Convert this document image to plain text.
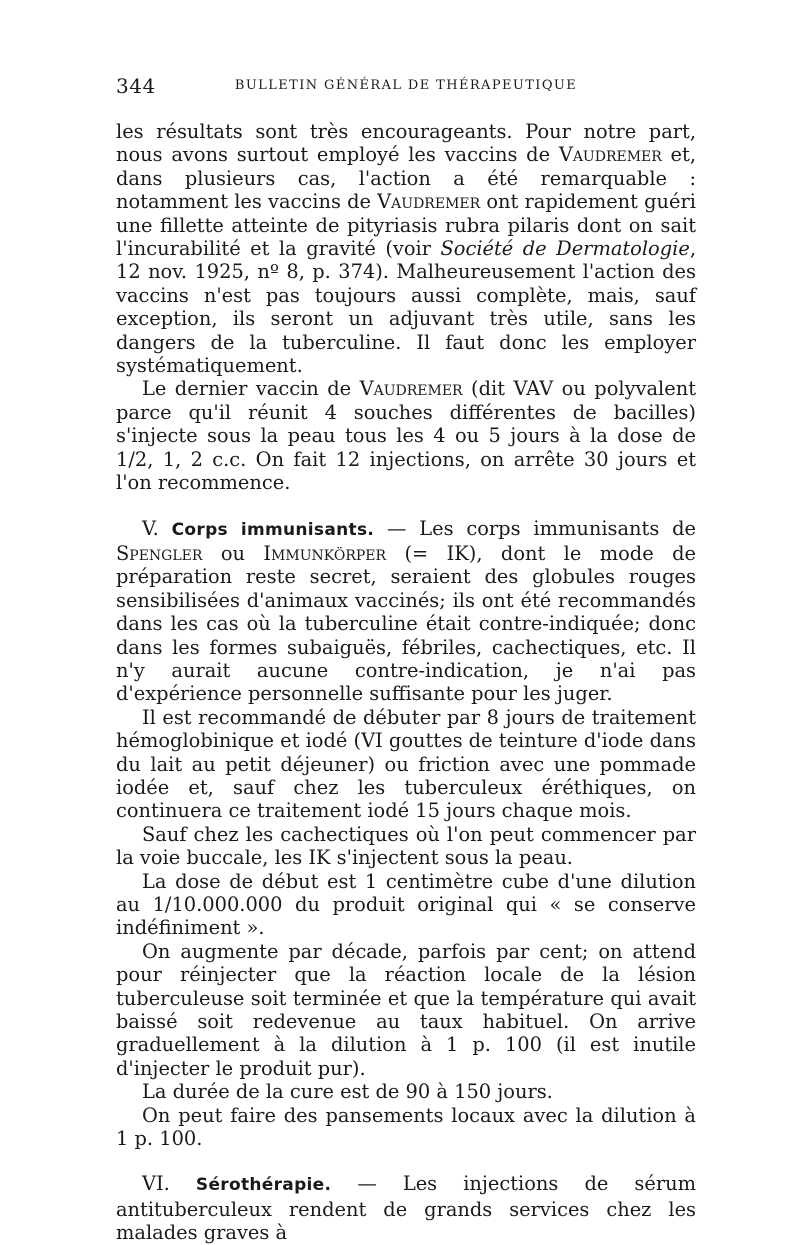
344	BULLETIN GÉNÉRAL DE THÉRAPEUTIQUE

les résultats sont très encourageants. Pour notre part, nous avons surtout employé les vaccins de Vaudremer et, dans plusieurs cas, l'action a été remarquable : notamment les vaccins de Vaudremer ont rapidement guéri une fillette atteinte de pityriasis rubra pilaris dont on sait l'incurabilité et la gravité (voir Société de Dermatologie, 12 nov. 1925, nº 8, p. 374). Malheureusement l'action des vaccins n'est pas toujours aussi complète, mais, sauf exception, ils seront un adjuvant très utile, sans les dangers de la tuberculine. Il faut donc les employer systématiquement.

Le dernier vaccin de Vaudremer (dit VAV ou polyvalent parce qu'il réunit 4 souches différentes de bacilles) s'injecte sous la peau tous les 4 ou 5 jours à la dose de 1/2, 1, 2 c.c. On fait 12 injections, on arrête 30 jours et l'on recommence.

V. Corps immunisants. — Les corps immunisants de Spengler ou Immunkörper (= IK), dont le mode de préparation reste secret, seraient des globules rouges sensibilisées d'animaux vaccinés; ils ont été recommandés dans les cas où la tuberculine était contre-indiquée; donc dans les formes subaiguës, fébriles, cachectiques, etc. Il n'y aurait aucune contre-indication, je n'ai pas d'expérience personnelle suffisante pour les juger.

Il est recommandé de débuter par 8 jours de traitement hémoglobinique et iodé (VI gouttes de teinture d'iode dans du lait au petit déjeuner) ou friction avec une pommade iodée et, sauf chez les tuberculeux éréthiques, on continuera ce traitement iodé 15 jours chaque mois.

Sauf chez les cachectiques où l'on peut commencer par la voie buccale, les IK s'injectent sous la peau.

La dose de début est 1 centimètre cube d'une dilution au 1/10.000.000 du produit original qui « se conserve indéfiniment ».

On augmente par décade, parfois par cent; on attend pour réinjecter que la réaction locale de la lésion tuberculeuse soit terminée et que la température qui avait baissé soit redevenue au taux habituel. On arrive graduellement à la dilution à 1 p. 100 (il est inutile d'injecter le produit pur).

La durée de la cure est de 90 à 150 jours.

On peut faire des pansements locaux avec la dilution à 1 p. 100.

VI. Sérothérapie. — Les injections de sérum antituberculeux rendent de grands services chez les malades graves à
